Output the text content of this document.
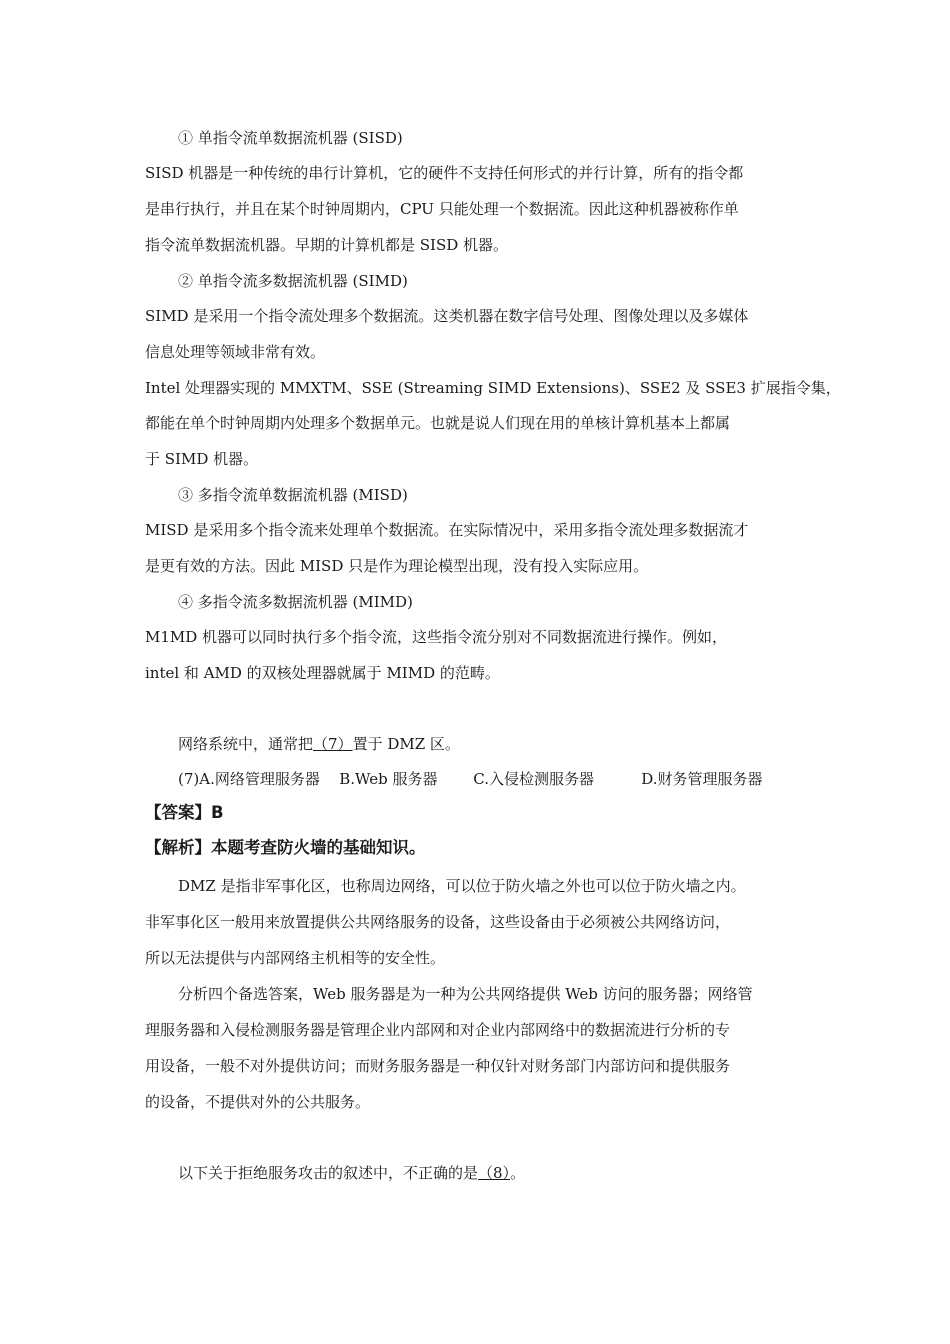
① 单指令流单数据流机器 (SISD)

SISD 机器是一种传统的串行计算机，它的硬件不支持任何形式的并行计算，所有的指令都

是串行执行，并且在某个时钟周期内，CPU 只能处理一个数据流。因此这种机器被称作单

指令流单数据流机器。早期的计算机都是 SISD 机器。

② 单指令流多数据流机器 (SIMD)

SIMD 是采用一个指令流处理多个数据流。这类机器在数字信号处理、图像处理以及多媒体

信息处理等领域非常有效。

Intel 处理器实现的 MMXTM、SSE (Streaming SIMD Extensions)、SSE2 及 SSE3 扩展指令集，

都能在单个时钟周期内处理多个数据单元。也就是说人们现在用的单核计算机基本上都属

于 SIMD 机器。

③ 多指令流单数据流机器 (MISD)

MISD 是采用多个指令流来处理单个数据流。在实际情况中，采用多指令流处理多数据流才

是更有效的方法。因此 MISD 只是作为理论模型出现，没有投入实际应用。

④ 多指令流多数据流机器 (MIMD)

M1MD 机器可以同时执行多个指令流，这些指令流分别对不同数据流进行操作。例如，

intel 和 AMD 的双核处理器就属于 MIMD 的范畴。

网络系统中，通常把（7）置于 DMZ 区。

(7)A.网络管理服务器 B.Web 服务器 C.入侵检测服务器	D.财务管理服务器

【答案】B

【解析】本题考查防火墙的基础知识。

DMZ 是指非军事化区，也称周边网络，可以位于防火墙之外也可以位于防火墙之内。

非军事化区一般用来放置提供公共网络服务的设备，这些设备由于必须被公共网络访问，

所以无法提供与内部网络主机相等的安全性。

分析四个备选答案，Web 服务器是为一种为公共网络提供 Web 访问的服务器；网络管

理服务器和入侵检测服务器是管理企业内部网和对企业内部网络中的数据流进行分析的专

用设备，一般不对外提供访问；而财务服务器是一种仅针对财务部门内部访问和提供服务

的设备，不提供对外的公共服务。

以下关于拒绝服务攻击的叙述中，不正确的是（8）。
